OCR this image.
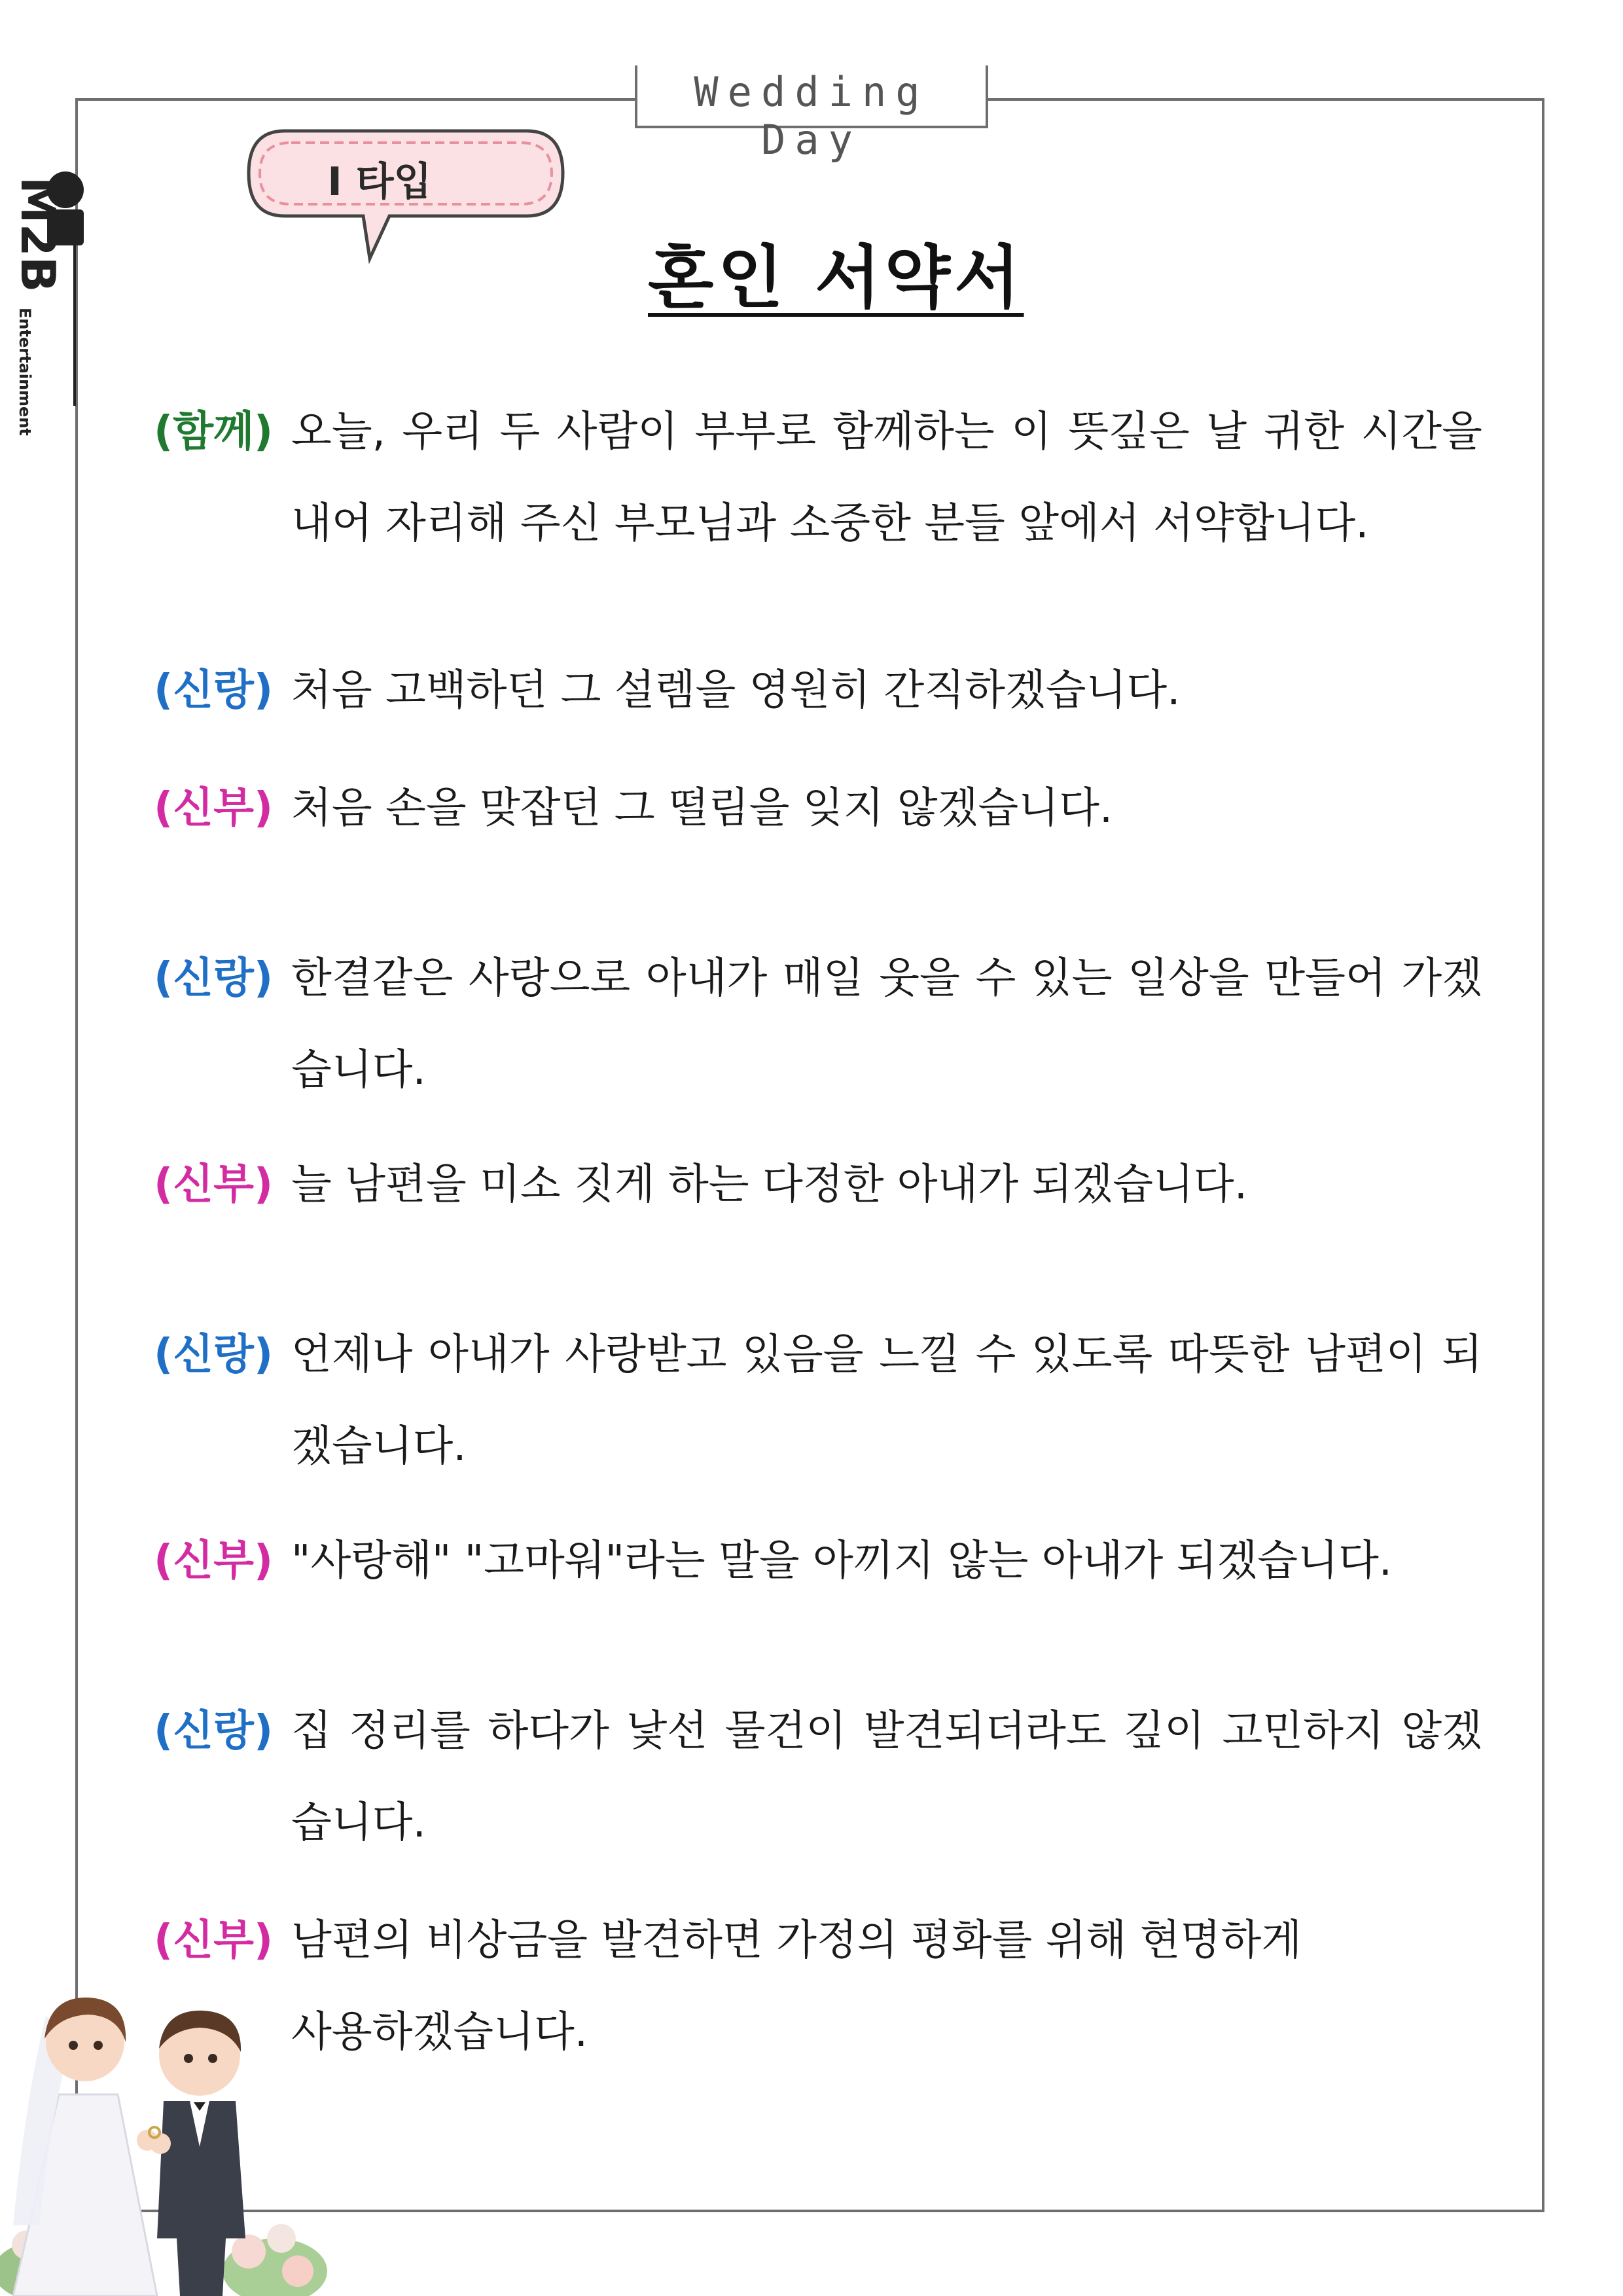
Wedding Day
M2B
Entertainment
I 타입
혼인 서약서
(함께) 오늘, 우리 두 사람이 부부로 함께하는 이 뜻깊은 날 귀한 시간을 내어 자리해 주신 부모님과 소중한 분들 앞에서 서약합니다.
(신랑) 처음 고백하던 그 설렘을 영원히 간직하겠습니다.
(신부) 처음 손을 맞잡던 그 떨림을 잊지 않겠습니다.
(신랑) 한결같은 사랑으로 아내가 매일 웃을 수 있는 일상을 만들어 가겠습니다.
(신부) 늘 남편을 미소 짓게 하는 다정한 아내가 되겠습니다.
(신랑) 언제나 아내가 사랑받고 있음을 느낄 수 있도록 따뜻한 남편이 되겠습니다.
(신부) "사랑해" "고마워"라는 말을 아끼지 않는 아내가 되겠습니다.
(신랑) 집 정리를 하다가 낯선 물건이 발견되더라도 깊이 고민하지 않겠습니다.
(신부) 남편의 비상금을 발견하면 가정의 평화를 위해 현명하게 사용하겠습니다.
